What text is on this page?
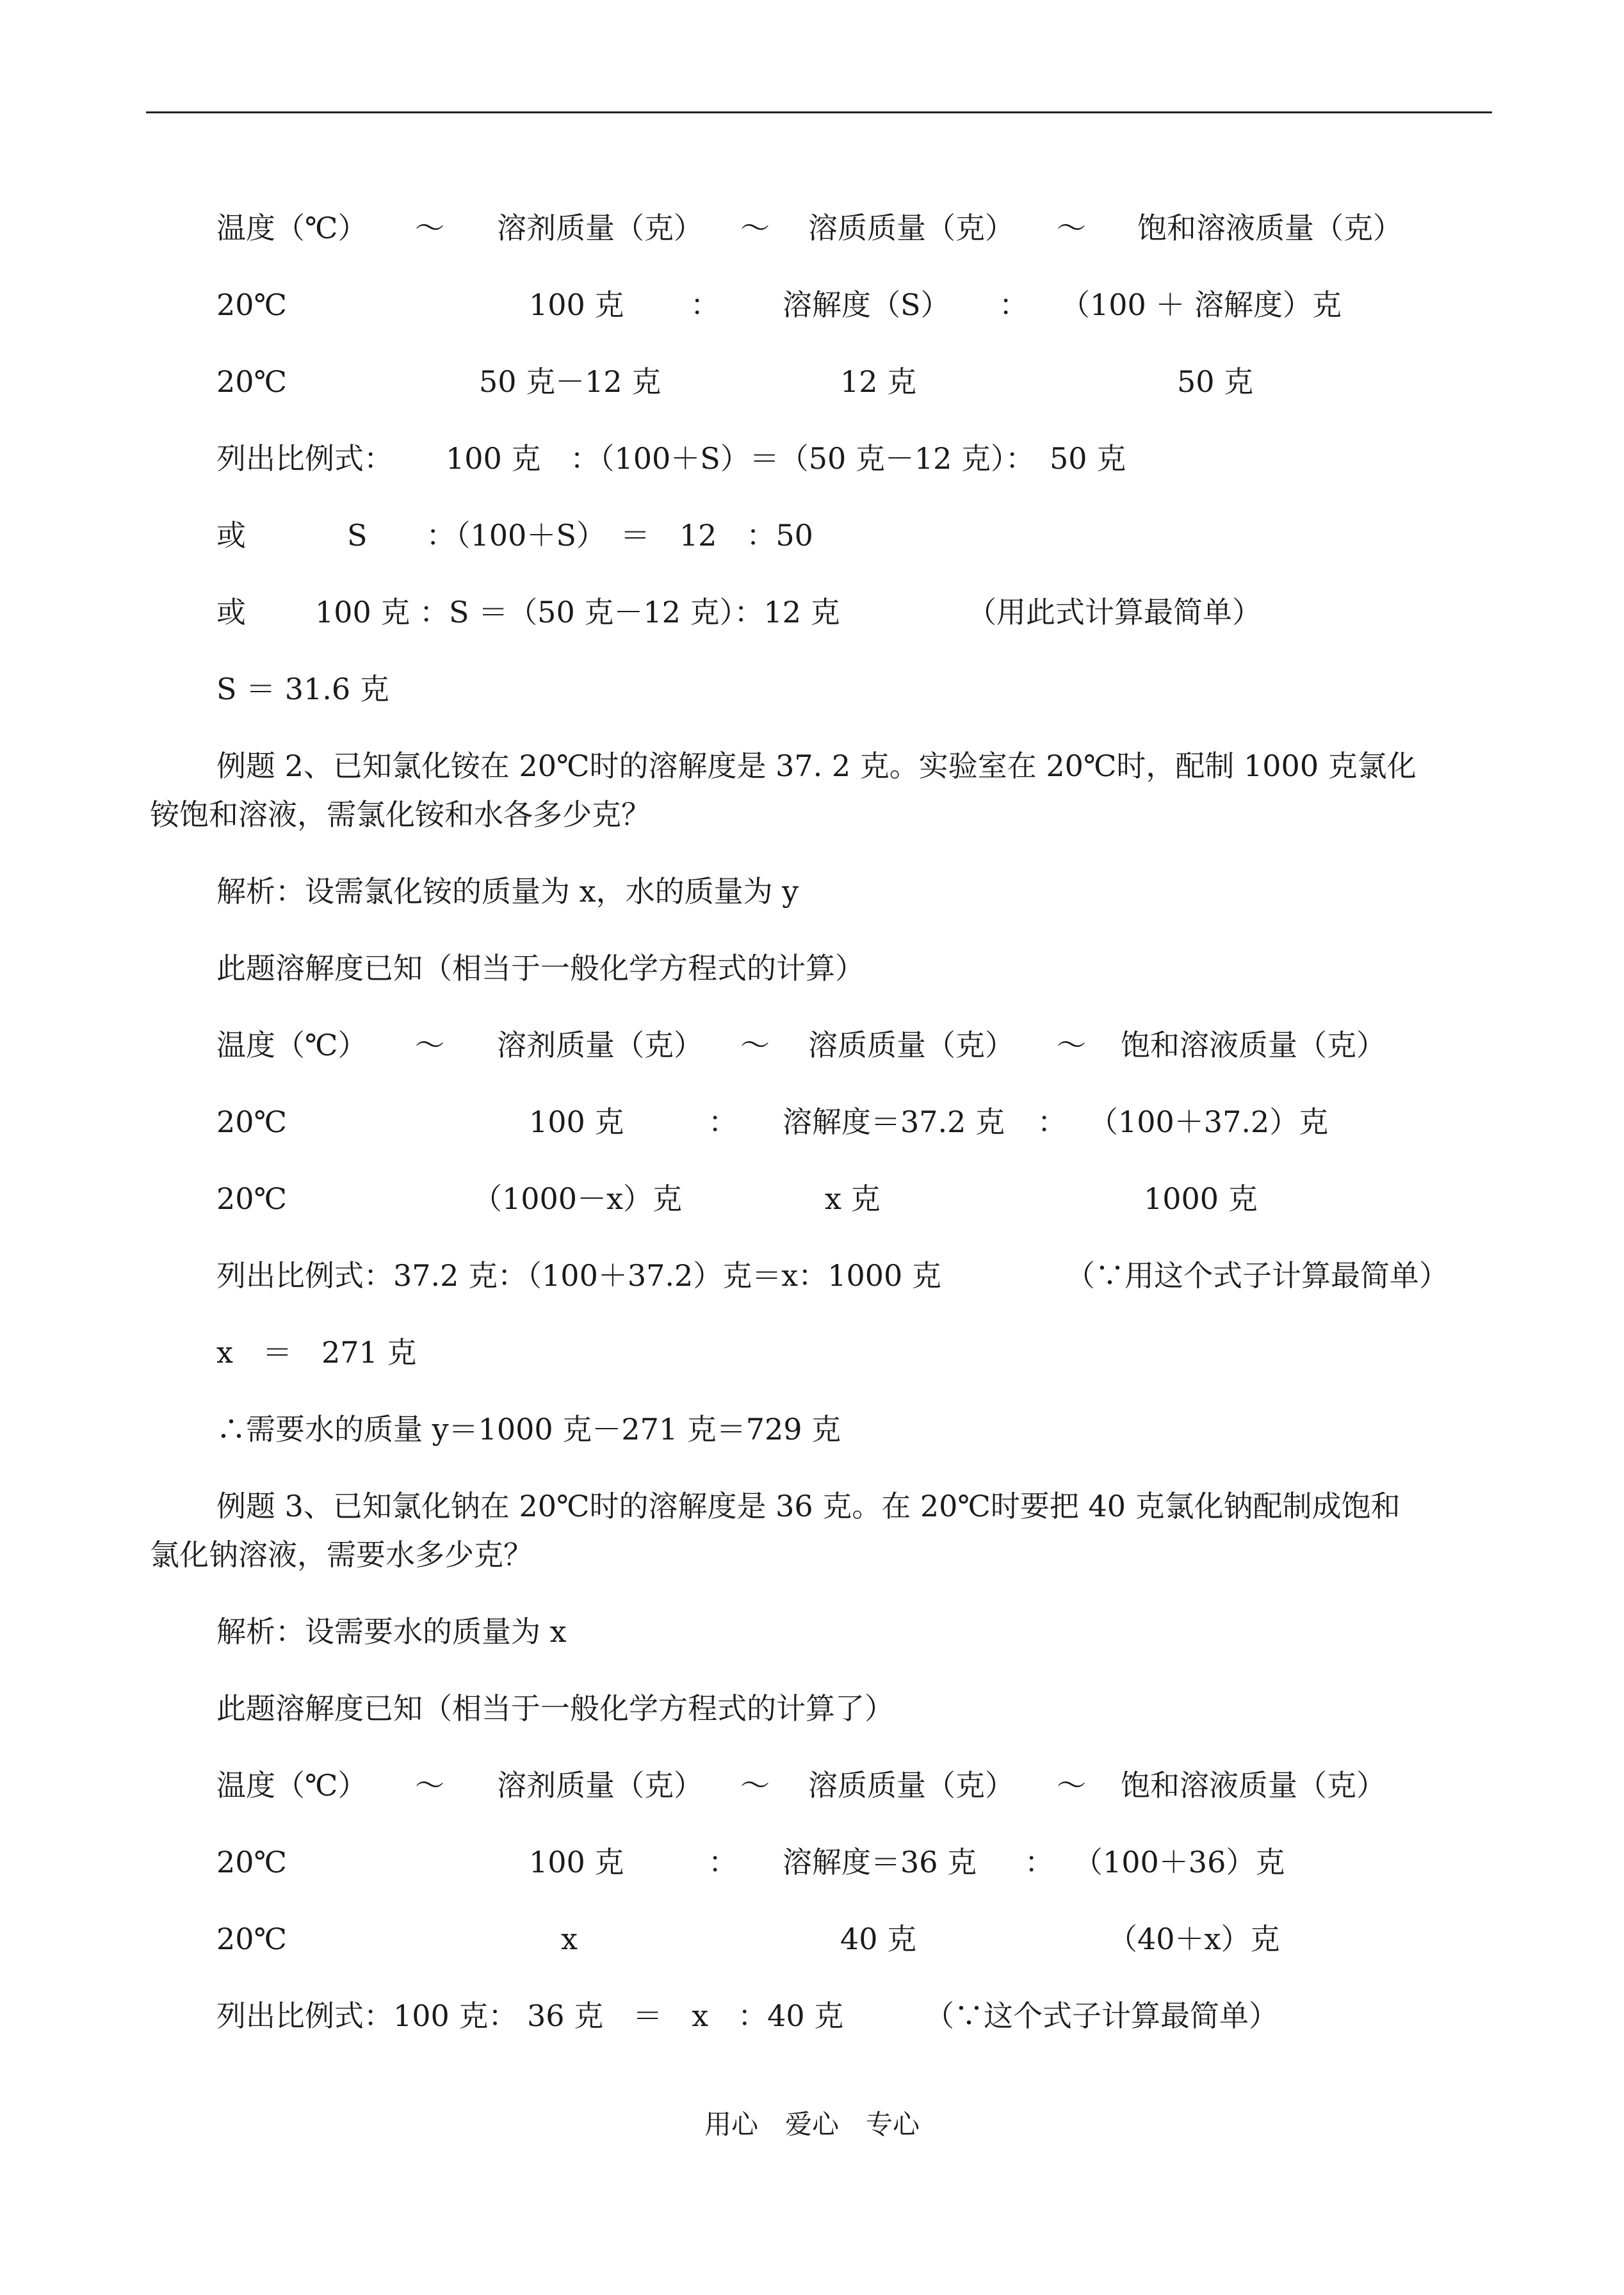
温度（℃） ～ 溶剂质量（克） ～ 溶质质量（克） ～ 饱和溶液质量（克）
20℃	100 克 ： 溶解度（S） ： （100 ＋ 溶解度）克
20℃	50 克－12 克	12 克	50 克
列出比例式： 100 克　：（100＋S）＝（50 克－12 克）：　50 克
或	S　　：（100＋S）　＝　12　：50
或 100 克 ：S ＝（50 克－12 克）：12 克	（用此式计算最简单）
S ＝ 31.6 克
例题 2、已知氯化铵在 20℃时的溶解度是 37. 2 克。实验室在 20℃时，配制 1000 克氯化
铵饱和溶液，需氯化铵和水各多少克？
解析：设需氯化铵的质量为 x，水的质量为 y
此题溶解度已知（相当于一般化学方程式的计算）
温度（℃） ～ 溶剂质量（克） ～ 溶质质量（克） ～ 饱和溶液质量（克）
20℃	100 克	： 溶解度＝37.2 克 ： （100＋37.2）克
20℃	（1000－x）克	x 克	1000 克
列出比例式：37.2 克：（100＋37.2）克＝x：1000 克	（∵用这个式子计算最简单）
x　＝　271 克
∴需要水的质量 y＝1000 克－271 克＝729 克
例题 3、已知氯化钠在 20℃时的溶解度是 36 克。在 20℃时要把 40 克氯化钠配制成饱和
氯化钠溶液，需要水多少克？
解析：设需要水的质量为 x
此题溶解度已知（相当于一般化学方程式的计算了）
温度（℃） ～ 溶剂质量（克） ～ 溶质质量（克） ～ 饱和溶液质量（克）
20℃	100 克	： 溶解度＝36 克 ： （100＋36）克
20℃	x	40 克	（40＋x）克
列出比例式：100 克： 36 克　＝　x　：40 克	（∵这个式子计算最简单）
用心　爱心　专心
